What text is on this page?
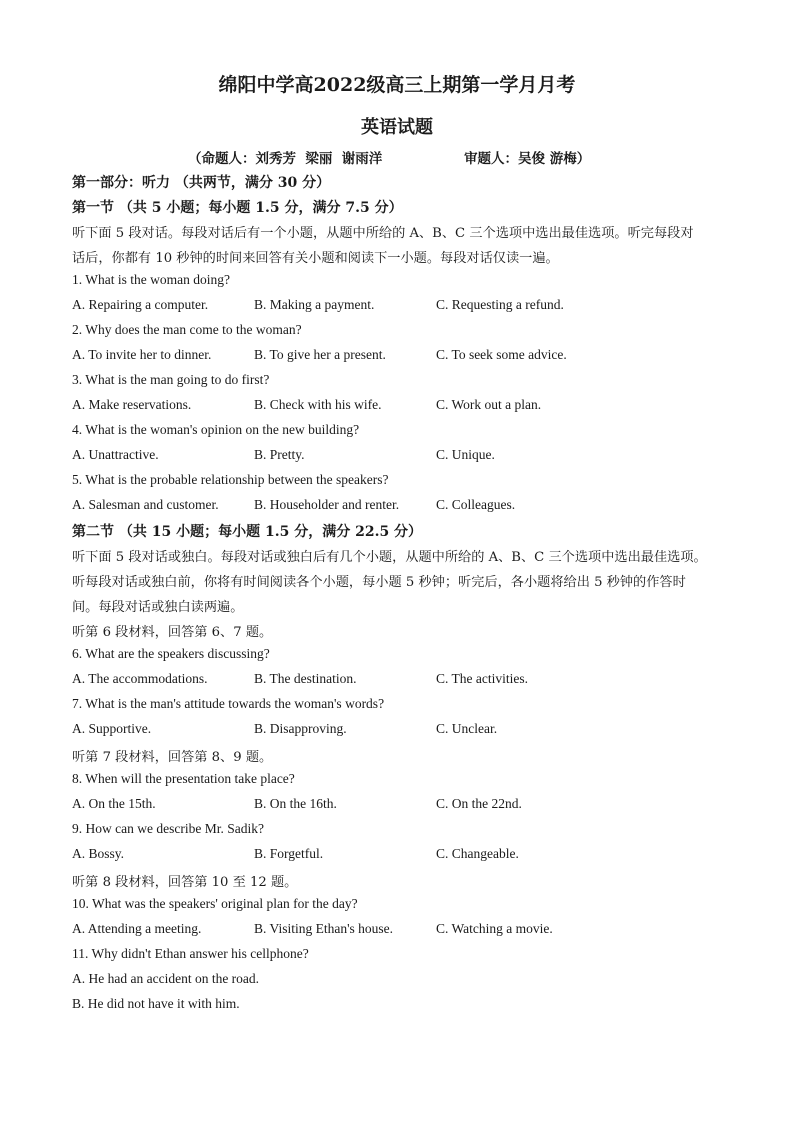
绵阳中学高2022级高三上期第一学月月考
英语试题
（命题人：刘秀芳  梁丽  谢雨洋	审题人：吴俊 游梅）
第一部分：听力 （共两节，满分 30 分）
第一节 （共 5 小题；每小题 1.5 分，满分 7.5 分）
听下面 5 段对话。每段对话后有一个小题，从题中所给的 A、B、C 三个选项中选出最佳选项。听完每段对
话后，你都有 10 秒钟的时间来回答有关小题和阅读下一小题。每段对话仅读一遍。
1. What is the woman doing?
A. Repairing a computer.	B. Making a payment.	C. Requesting a refund.
2. Why does the man come to the woman?
A. To invite her to dinner.	B. To give her a present.	C. To seek some advice.
3. What is the man going to do first?
A. Make reservations.	B. Check with his wife.	C. Work out a plan.
4. What is the woman's opinion on the new building?
A. Unattractive.	B. Pretty.	C. Unique.
5. What is the probable relationship between the speakers?
A. Salesman and customer.	B. Householder and renter.	C. Colleagues.
第二节 （共 15 小题；每小题 1.5 分，满分 22.5 分）
听下面 5 段对话或独白。每段对话或独白后有几个小题，从题中所给的 A、B、C 三个选项中选出最佳选项。
听每段对话或独白前，你将有时间阅读各个小题，每小题 5 秒钟；听完后，各小题将给出 5 秒钟的作答时
间。每段对话或独白读两遍。
听第 6 段材料，回答第 6、7 题。
6. What are the speakers discussing?
A. The accommodations.	B. The destination.	C. The activities.
7. What is the man's attitude towards the woman's words?
A. Supportive.	B. Disapproving.	C. Unclear.
听第 7 段材料，回答第 8、9 题。
8. When will the presentation take place?
A. On the 15th.	B. On the 16th.	C. On the 22nd.
9. How can we describe Mr. Sadik?
A. Bossy.	B. Forgetful.	C. Changeable.
听第 8 段材料，回答第 10 至 12 题。
10. What was the speakers' original plan for the day?
A. Attending a meeting.	B. Visiting Ethan's house.	C. Watching a movie.
11. Why didn't Ethan answer his cellphone?
A. He had an accident on the road.
B. He did not have it with him.
